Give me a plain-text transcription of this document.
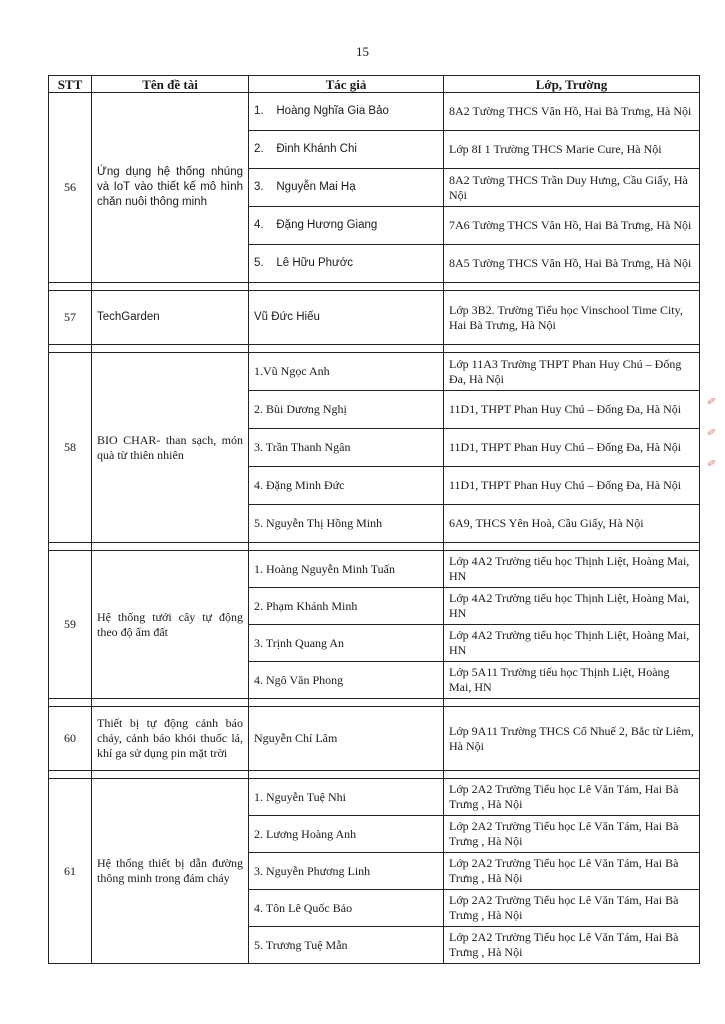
15
STT	Tên đề tài	Tác giả	Lớp, Trường
56	Ứng dụng hệ thống nhúng và IoT vào thiết kế mô hình chăn nuôi thông minh	1.    Hoàng Nghĩa Gia Bảo	8A2 Tường THCS Vân Hồ, Hai Bà Trưng, Hà Nội
		2.    Đinh Khánh Chi	Lớp 8I 1 Trường THCS Marie Cure, Hà Nội
		3.    Nguyễn Mai Hạ	8A2 Tường THCS Trần Duy Hưng, Cầu Giấy, Hà Nội
		4.    Đặng Hương Giang	7A6 Tường THCS Vân Hồ, Hai Bà Trưng, Hà Nội
		5.    Lê Hữu Phước	8A5 Tường THCS Vân Hồ, Hai Bà Trưng, Hà Nội

57	TechGarden	Vũ Đức Hiếu	Lớp 3B2. Trường Tiểu học Vinschool Time City, Hai Bà Trưng, Hà Nội

58	BIO CHAR- than sạch, món quà từ thiên nhiên	1.Vũ Ngọc Anh	Lớp 11A3 Trường THPT Phan Huy Chú – Đống Đa, Hà Nội
		2. Bùi Dương Nghị	11D1, THPT Phan Huy Chú – Đống Đa, Hà Nội
		3. Trần Thanh Ngân	11D1, THPT Phan Huy Chú – Đống Đa, Hà Nội
		4. Đặng Minh Đức	11D1, THPT Phan Huy Chú – Đống Đa, Hà Nội
		5. Nguyễn Thị Hồng Minh	6A9, THCS Yên Hoà, Cầu Giấy, Hà Nội

59	Hệ thống tưới cây tự động theo độ ẩm đất	1. Hoàng Nguyễn Minh Tuấn	Lớp 4A2 Trường tiểu học Thịnh Liệt, Hoàng Mai, HN
		2. Phạm Khánh Minh	Lớp 4A2 Trường tiểu học Thịnh Liệt, Hoàng Mai, HN
		3. Trịnh Quang An	Lớp 4A2 Trường tiểu học Thịnh Liệt, Hoàng Mai, HN
		4. Ngô Văn Phong	Lớp 5A11 Trường tiểu học Thịnh Liệt, Hoàng Mai, HN

60	Thiết bị tự động cảnh báo cháy, cảnh báo khói thuốc lá, khí ga sử dụng pin mặt trời	Nguyễn Chí Lâm	Lớp 9A11 Trường THCS Cổ Nhuế 2, Bắc từ Liêm, Hà Nội

61	Hệ thống thiết bị dẫn đường thông minh trong đám cháy	1. Nguyễn Tuệ Nhi	Lớp 2A2 Trường Tiểu học Lê Văn Tám, Hai Bà Trưng , Hà Nội
		2. Lương Hoàng Anh	Lớp 2A2 Trường Tiểu học Lê Văn Tám, Hai Bà Trưng , Hà Nội
		3. Nguyễn Phương Linh	Lớp 2A2 Trường Tiểu học Lê Văn Tám, Hai Bà Trưng , Hà Nội
		4. Tôn Lê Quốc Bảo	Lớp 2A2 Trường Tiểu học Lê Văn Tám, Hai Bà Trưng , Hà Nội
		5. Trương Tuệ Mẫn	Lớp 2A2 Trường Tiểu học Lê Văn Tám, Hai Bà Trưng , Hà Nội
✎
✎
✎
